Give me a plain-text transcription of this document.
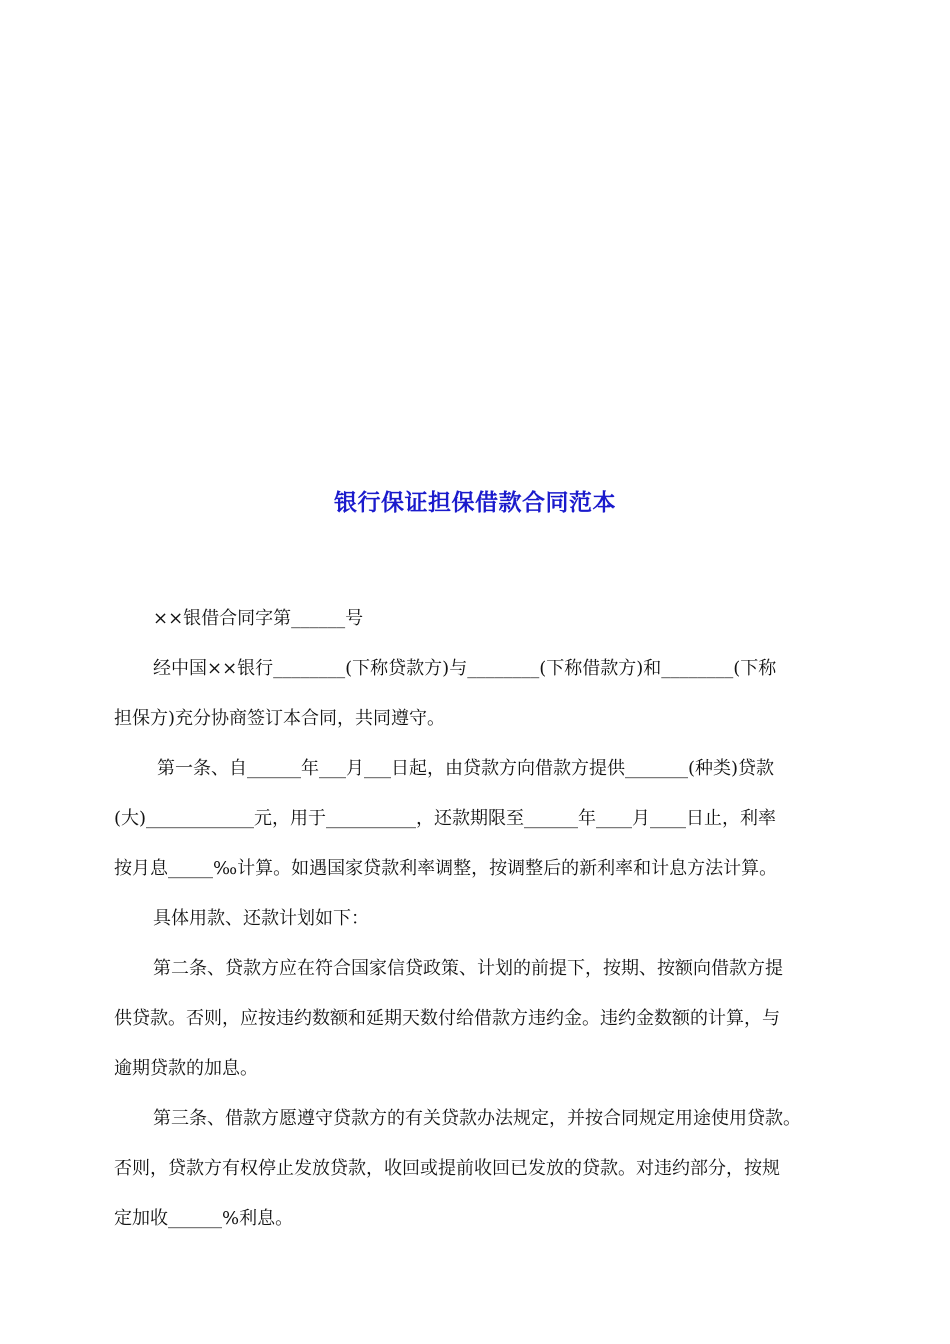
银行保证担保借款合同范本
××银借合同字第______号
经中国××银行________(下称贷款方)与________(下称借款方)和________(下称
担保方)充分协商签订本合同，共同遵守。
第一条、自______年___月___日起，由贷款方向借款方提供_______(种类)贷款
(大)____________元，用于__________，还款期限至______年____月____日止，利率
按月息_____‰计算。如遇国家贷款利率调整，按调整后的新利率和计息方法计算。
具体用款、还款计划如下：
第二条、贷款方应在符合国家信贷政策、计划的前提下，按期、按额向借款方提
供贷款。否则，应按违约数额和延期天数付给借款方违约金。违约金数额的计算，与
逾期贷款的加息。
第三条、借款方愿遵守贷款方的有关贷款办法规定，并按合同规定用途使用贷款。
否则，贷款方有权停止发放贷款，收回或提前收回已发放的贷款。对违约部分，按规
定加收______%利息。
